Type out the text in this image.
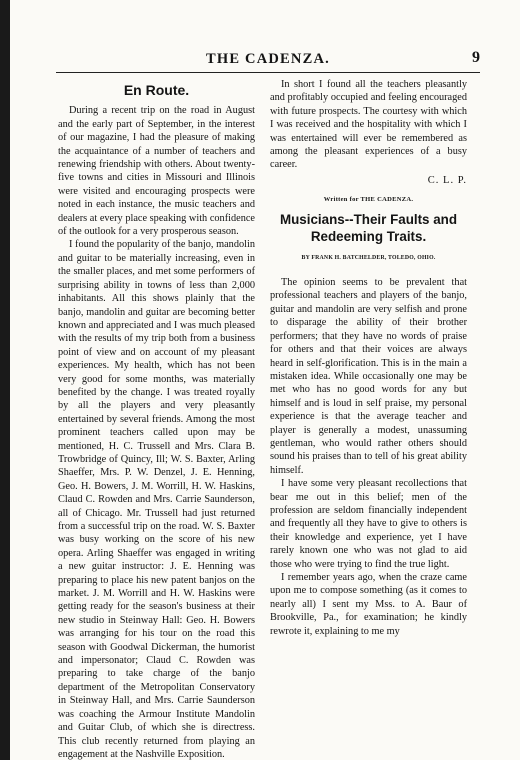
THE CADENZA.	9
En Route.

During a recent trip on the road in August and the early part of September, in the interest of our magazine, I had the pleasure of making the acquaintance of a number of teachers and renewing friendship with others. About twenty-five towns and cities in Missouri and Illinois were visited and encouraging prospects were noted in each instance, the music teachers and dealers at every place speaking with confidence of the outlook for a very prosperous season.

I found the popularity of the banjo, mandolin and guitar to be materially increasing, even in the smaller places, and met some performers of surprising ability in towns of less than 2,000 inhabitants. All this shows plainly that the banjo, mandolin and guitar are becoming better known and appreciated and I was much pleased with the results of my trip both from a business point of view and on account of my pleasant experiences. My health, which has not been very good for some months, was materially benefited by the change. I was treated royally by all the players and very pleasantly entertained by several friends. Among the most prominent teachers called upon may be mentioned, H. C. Trussell and Mrs. Clara B. Trowbridge of Quincy, Ill; W. S. Baxter, Arling Shaeffer, Mrs. P. W. Denzel, J. E. Henning, Geo. H. Bowers, J. M. Worrill, H. W. Haskins, Claud C. Rowden and Mrs. Carrie Saunderson, all of Chicago. Mr. Trussell had just returned from a successful trip on the road. W. S. Baxter was busy working on the score of his new opera. Arling Shaeffer was engaged in writing a new guitar instructor: J. E. Henning was preparing to place his new patent banjos on the market. J. M. Worrill and H. W. Haskins were getting ready for the season's business at their new studio in Steinway Hall: Geo. H. Bowers was arranging for his tour on the road this season with Goodwal Dickerman, the humorist and impersonator; Claud C. Rowden was preparing to take charge of the banjo department of the Metropolitan Conservatory in Steinway Hall, and Mrs. Carrie Saunderson was coaching the Armour Institute Mandolin and Guitar Club, of which she is directress. This club recently returned from playing an engagement at the Nashville Exposition.

In short I found all the teachers pleasantly and profitably occupied and feeling encouraged with future prospects. The courtesy with which I was received and the hospitality with which I was entertained will ever be remembered as among the pleasant experiences of a busy career.

C. L. P.

Written for THE CADENZA.
Musicians--Their Faults and Redeeming Traits.
BY FRANK H. BATCHELDER, TOLEDO, OHIO.

The opinion seems to be prevalent that professional teachers and players of the banjo, guitar and mandolin are very selfish and prone to disparage the ability of their brother performers; that they have no words of praise for others and that their voices are always heard in self-glorification. This is in the main a mistaken idea. While occasionally one may be met who has no good words for any but himself and is loud in self praise, my personal experience is that the average teacher and player is generally a modest, unassuming gentleman, who would rather others should sound his praises than to tell of his great ability himself.

I have some very pleasant recollections that bear me out in this belief; men of the profession are seldom financially independent and frequently all they have to give to others is their knowledge and experience, yet I have rarely known one who was not glad to aid those who were trying to find the true light.

I remember years ago, when the craze came upon me to compose something (as it comes to nearly all) I sent my Mss. to A. Baur of Brookville, Pa., for examination; he kindly rewrote it, explaining to me my
